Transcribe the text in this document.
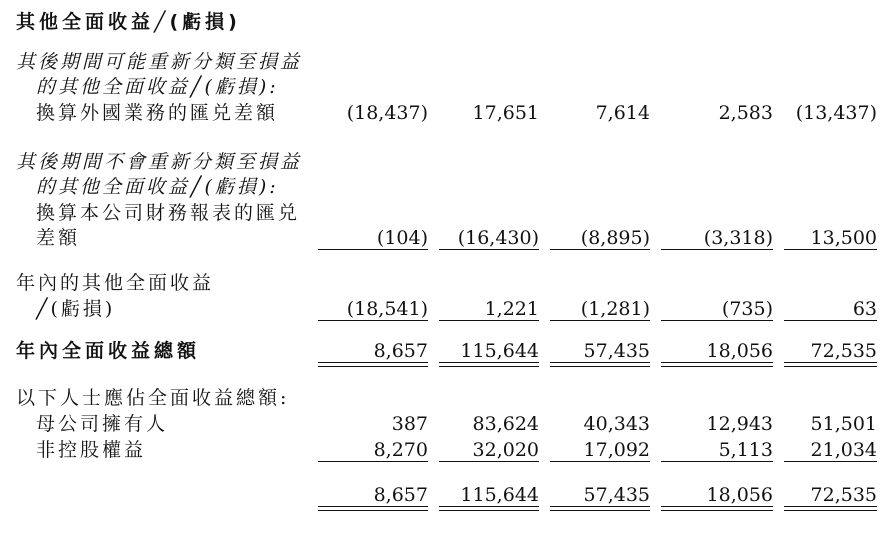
其他全面收益╱(虧損)
其後期間可能重新分類至損益
的其他全面收益╱(虧損):
換算外國業務的匯兑差額	(18,437) 17,651	7,614	2,583 (13,437)
其後期間不會重新分類至損益
的其他全面收益╱(虧損):
換算本公司財務報表的匯兑
差額	(104) (16,430) (8,895)	(3,318) 13,500
年內的其他全面收益
╱(虧損)	(18,541)	1,221 (1,281)	(735)	63
年內全面收益總額	8,657 115,644 57,435	18,056 72,535
以下人士應佔全面收益總額:
母公司擁有人	387 83,624 40,343	12,943 51,501
非控股權益	8,270 32,020 17,092	5,113 21,034
8,657 115,644 57,435	18,056 72,535
